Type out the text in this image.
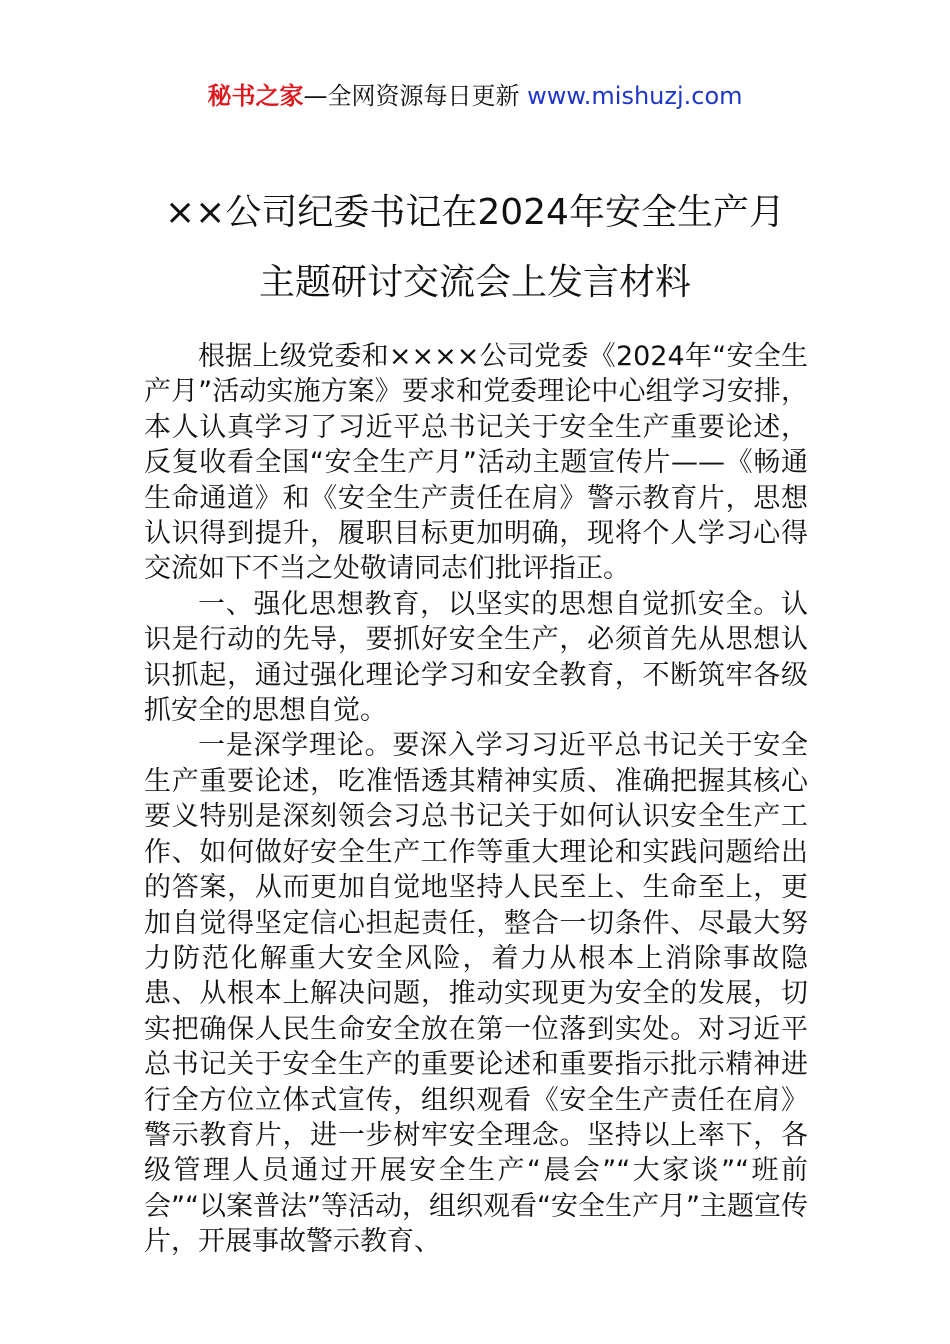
秘书之家—全网资源每日更新 www.mishuzj.com
××公司纪委书记在2024年安全生产月
主题研讨交流会上发言材料

根据上级党委和××××公司党委《2024年“安全生产月”活动实施方案》要求和党委理论中心组学习安排，本人认真学习了习近平总书记关于安全生产重要论述，反复收看全国“安全生产月”活动主题宣传片——《畅通生命通道》和《安全生产责任在肩》警示教育片，思想认识得到提升，履职目标更加明确，现将个人学习心得交流如下不当之处敬请同志们批评指正。

一、强化思想教育，以坚实的思想自觉抓安全。认识是行动的先导，要抓好安全生产，必须首先从思想认识抓起，通过强化理论学习和安全教育，不断筑牢各级抓安全的思想自觉。

一是深学理论。要深入学习习近平总书记关于安全生产重要论述，吃准悟透其精神实质、准确把握其核心要义特别是深刻领会习总书记关于如何认识安全生产工作、如何做好安全生产工作等重大理论和实践问题给出的答案，从而更加自觉地坚持人民至上、生命至上，更加自觉得坚定信心担起责任，整合一切条件、尽最大努力防范化解重大安全风险，着力从根本上消除事故隐患、从根本上解决问题，推动实现更为安全的发展，切实把确保人民生命安全放在第一位落到实处。对习近平总书记关于安全生产的重要论述和重要指示批示精神进行全方位立体式宣传，组织观看《安全生产责任在肩》警示教育片，进一步树牢安全理念。坚持以上率下，各级管理人员通过开展安全生产“晨会”“大家谈”“班前会”“以案普法”等活动，组织观看“安全生产月”主题宣传片，开展事故警示教育、
